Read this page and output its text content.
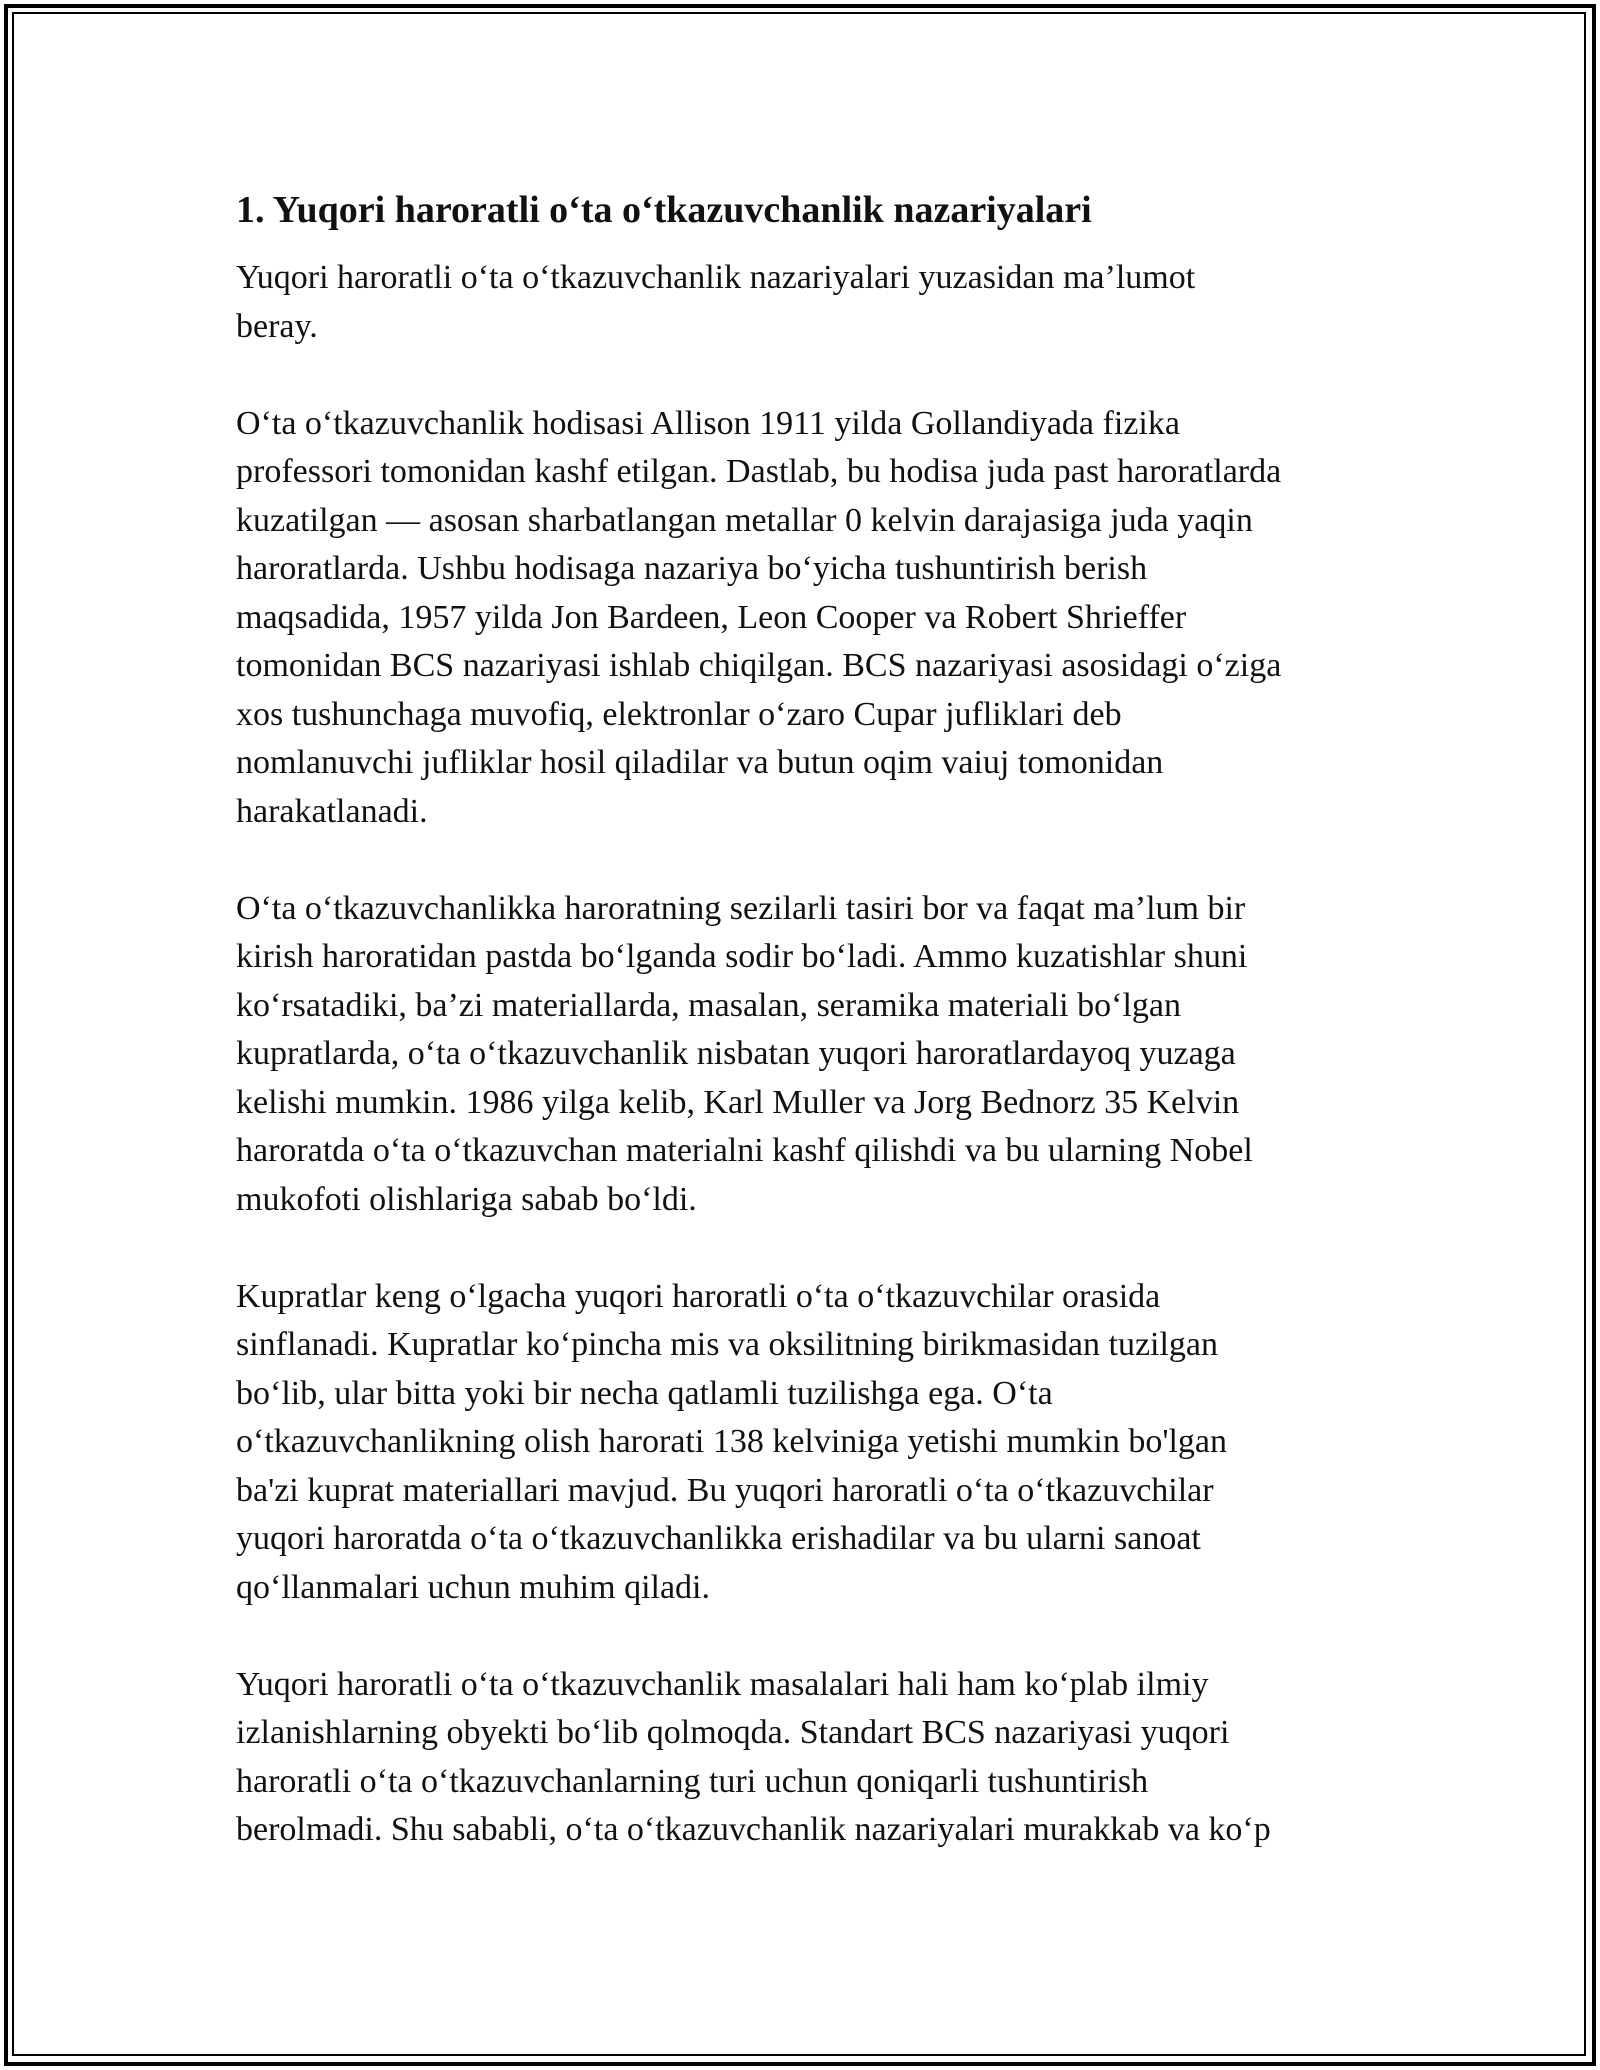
1. Yuqori haroratli o‘ta o‘tkazuvchanlik nazariyalari
Yuqori haroratli o‘ta o‘tkazuvchanlik nazariyalari yuzasidan ma’lumot
beray.
O‘ta o‘tkazuvchanlik hodisasi Allison 1911 yilda Gollandiyada fizika
professori tomonidan kashf etilgan. Dastlab, bu hodisa juda past haroratlarda
kuzatilgan — asosan sharbatlangan metallar 0 kelvin darajasiga juda yaqin
haroratlarda. Ushbu hodisaga nazariya bo‘yicha tushuntirish berish
maqsadida, 1957 yilda Jon Bardeen, Leon Cooper va Robert Shrieffer
tomonidan BCS nazariyasi ishlab chiqilgan. BCS nazariyasi asosidagi o‘ziga
xos tushunchaga muvofiq, elektronlar o‘zaro Cupar jufliklari deb
nomlanuvchi jufliklar hosil qiladilar va butun oqim vaiuj tomonidan
harakatlanadi.
O‘ta o‘tkazuvchanlikka haroratning sezilarli tasiri bor va faqat ma’lum bir
kirish haroratidan pastda bo‘lganda sodir bo‘ladi. Ammo kuzatishlar shuni
ko‘rsatadiki, ba’zi materiallarda, masalan, seramika materiali bo‘lgan
kupratlarda, o‘ta o‘tkazuvchanlik nisbatan yuqori haroratlardayoq yuzaga
kelishi mumkin. 1986 yilga kelib, Karl Muller va Jorg Bednorz 35 Kelvin
haroratda o‘ta o‘tkazuvchan materialni kashf qilishdi va bu ularning Nobel
mukofoti olishlariga sabab bo‘ldi.
Kupratlar keng o‘lgacha yuqori haroratli o‘ta o‘tkazuvchilar orasida
sinflanadi. Kupratlar ko‘pincha mis va oksilitning birikmasidan tuzilgan
bo‘lib, ular bitta yoki bir necha qatlamli tuzilishga ega. O‘ta
o‘tkazuvchanlikning olish harorati 138 kelviniga yetishi mumkin bo'lgan
ba'zi kuprat materiallari mavjud. Bu yuqori haroratli o‘ta o‘tkazuvchilar
yuqori haroratda o‘ta o‘tkazuvchanlikka erishadilar va bu ularni sanoat
qo‘llanmalari uchun muhim qiladi.
Yuqori haroratli o‘ta o‘tkazuvchanlik masalalari hali ham ko‘plab ilmiy
izlanishlarning obyekti bo‘lib qolmoqda. Standart BCS nazariyasi yuqori
haroratli o‘ta o‘tkazuvchanlarning turi uchun qoniqarli tushuntirish
berolmadi. Shu sababli, o‘ta o‘tkazuvchanlik nazariyalari murakkab va ko‘p
